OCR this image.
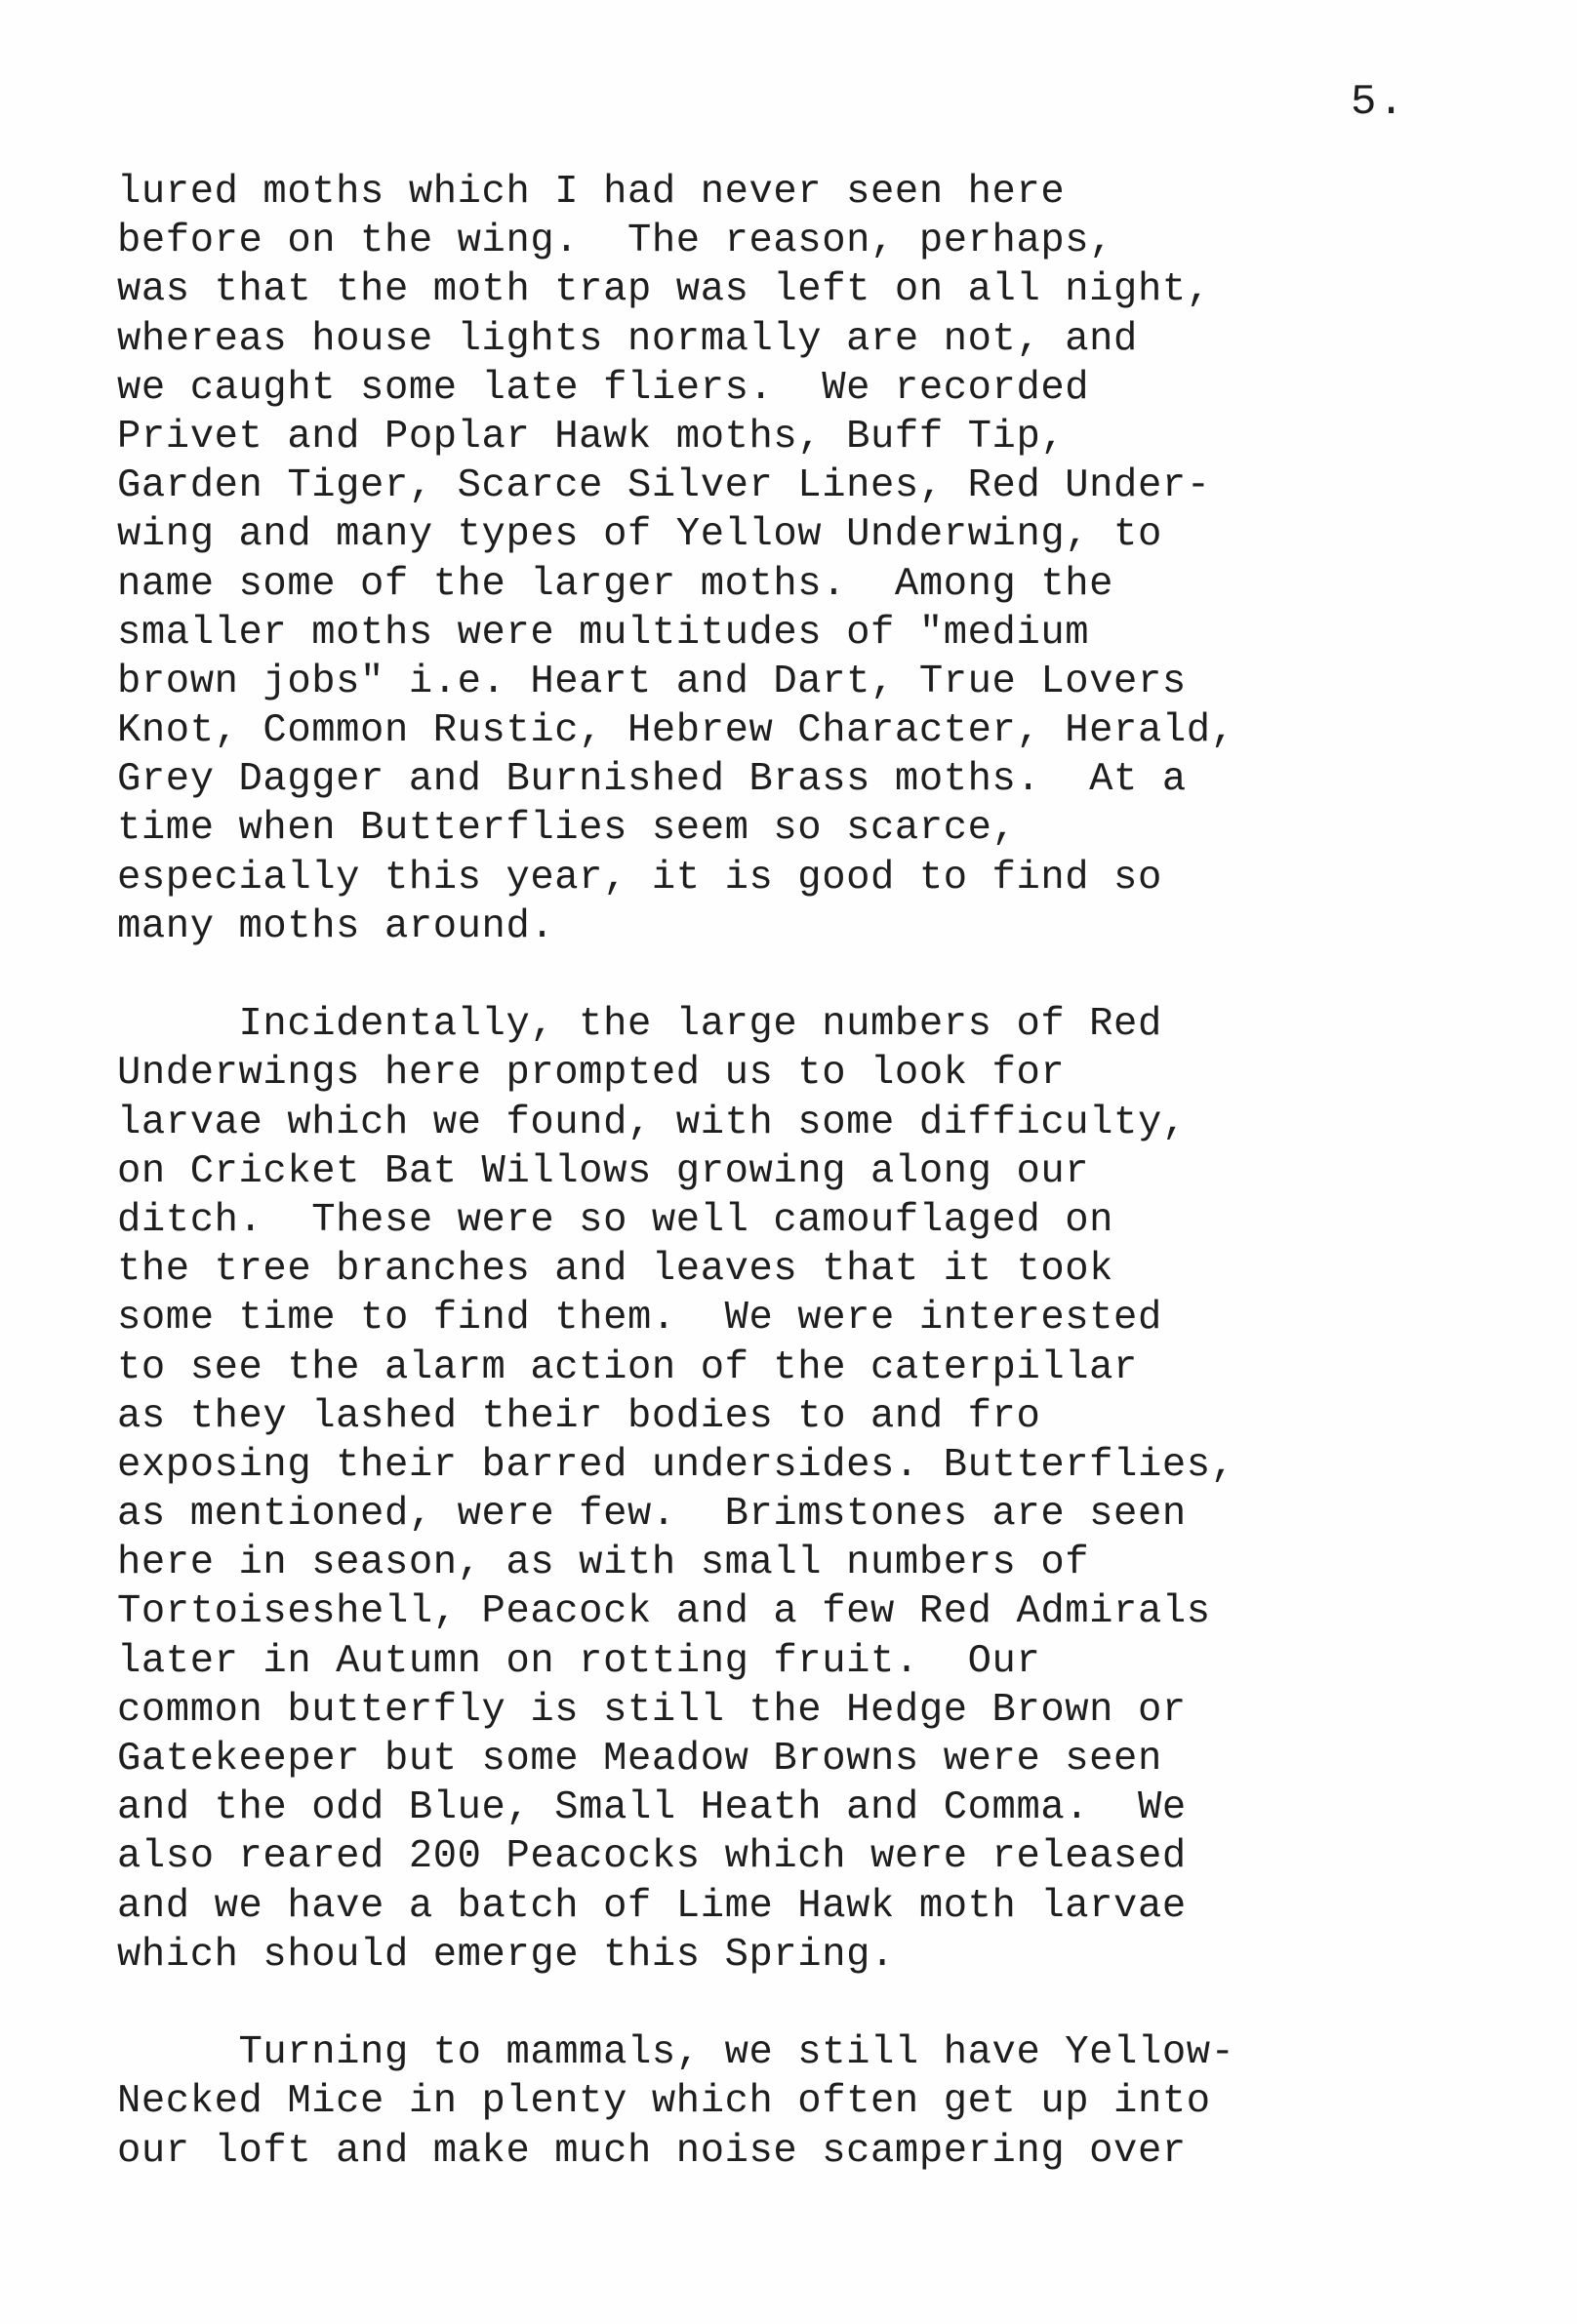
5.
lured moths which I had never seen here
before on the wing.  The reason, perhaps,
was that the moth trap was left on all night,
whereas house lights normally are not, and
we caught some late fliers.  We recorded
Privet and Poplar Hawk moths, Buff Tip,
Garden Tiger, Scarce Silver Lines, Red Under-
wing and many types of Yellow Underwing, to
name some of the larger moths.  Among the
smaller moths were multitudes of "medium
brown jobs" i.e. Heart and Dart, True Lovers
Knot, Common Rustic, Hebrew Character, Herald,
Grey Dagger and Burnished Brass moths.  At a
time when Butterflies seem so scarce,
especially this year, it is good to find so
many moths around.
Incidentally, the large numbers of Red
Underwings here prompted us to look for
larvae which we found, with some difficulty,
on Cricket Bat Willows growing along our
ditch.  These were so well camouflaged on
the tree branches and leaves that it took
some time to find them.  We were interested
to see the alarm action of the caterpillar
as they lashed their bodies to and fro
exposing their barred undersides. Butterflies,
as mentioned, were few.  Brimstones are seen
here in season, as with small numbers of
Tortoiseshell, Peacock and a few Red Admirals
later in Autumn on rotting fruit.  Our
common butterfly is still the Hedge Brown or
Gatekeeper but some Meadow Browns were seen
and the odd Blue, Small Heath and Comma.  We
also reared 200 Peacocks which were released
and we have a batch of Lime Hawk moth larvae
which should emerge this Spring.
Turning to mammals, we still have Yellow-
Necked Mice in plenty which often get up into
our loft and make much noise scampering over
